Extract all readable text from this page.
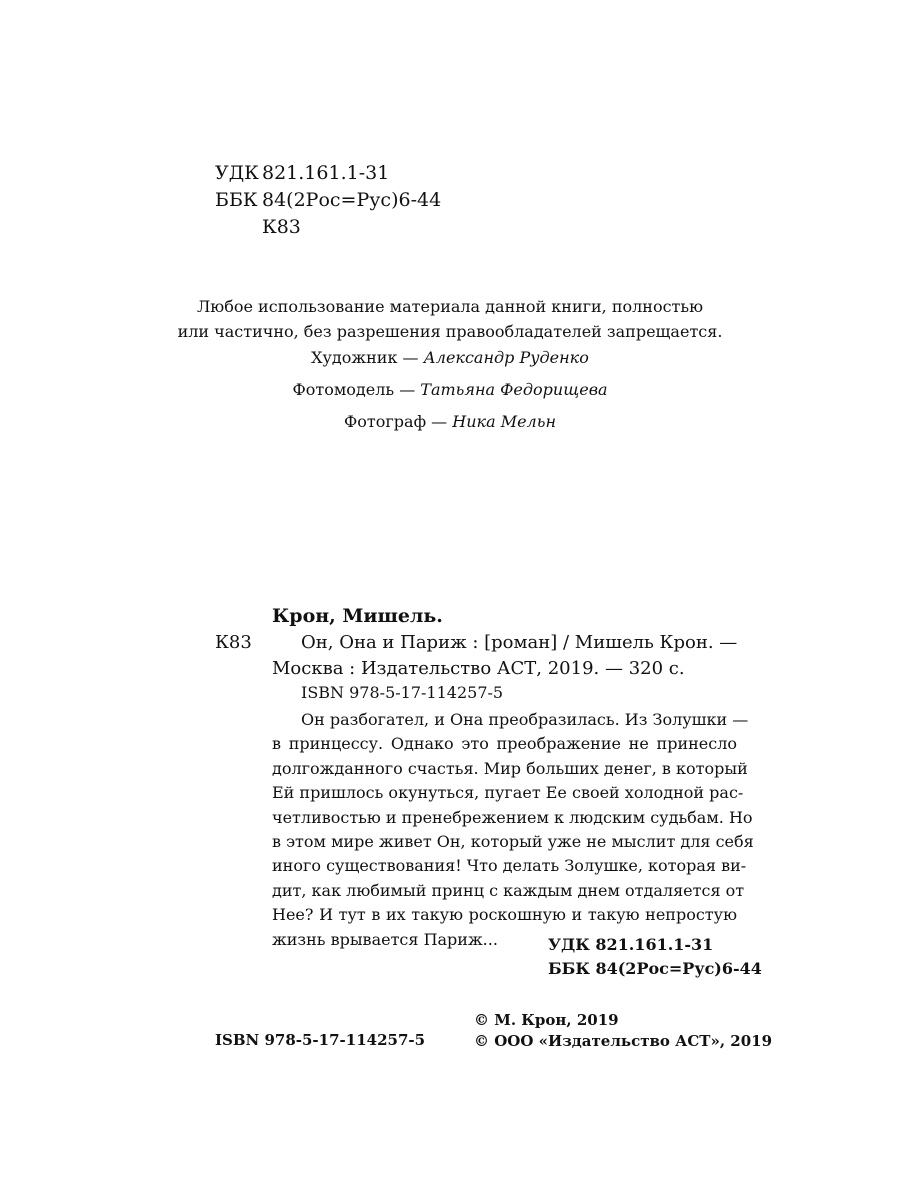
УДК 821.161.1-31
ББК 84(2Рос=Рус)6-44
К83
Любое использование материала данной книги, полностью
или частично, без разрешения правообладателей запрещается.
Художник — Александр Руденко
Фотомодель — Татьяна Федорищева
Фотограф — Ника Мельн
Крон, Мишель.
К83	Он, Она и Париж : [роман] / Мишель Крон. —
Москва : Издательство АСТ, 2019. — 320 с.
ISBN 978-5-17-114257-5
Он разбогател, и Она преобразилась. Из Золушки —
в принцессу. Однако это преображение не принесло
долгожданного счастья. Мир больших денег, в который
Ей пришлось окунуться, пугает Ее своей холодной рас-
четливостью и пренебрежением к людским судьбам. Но
в этом мире живет Он, который уже не мыслит для себя
иного существования! Что делать Золушке, которая ви-
дит, как любимый принц с каждым днем отдаляется от
Нее? И тут в их такую роскошную и такую непростую
жизнь врывается Париж...	УДК 821.161.1-31
ББК 84(2Рос=Рус)6-44
ISBN 978-5-17-114257-5
© М. Крон, 2019
© ООО «Издательство АСТ», 2019
